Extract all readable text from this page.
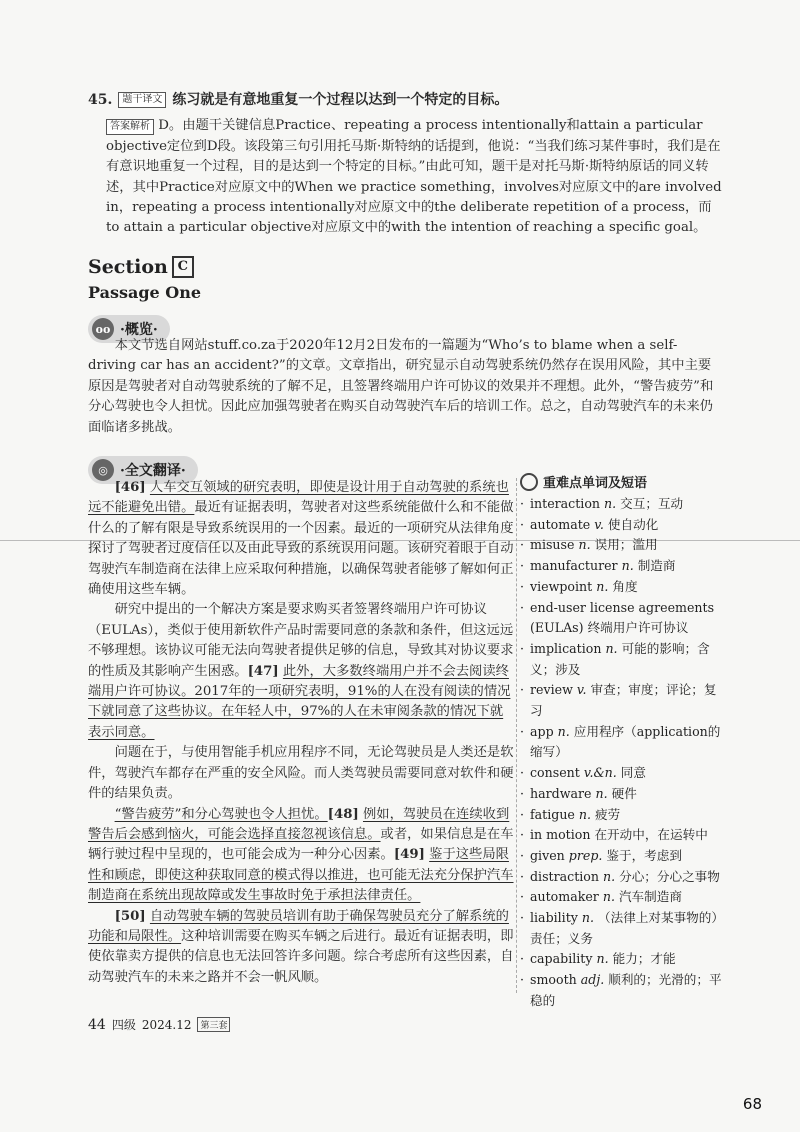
45.	题干译文 练习就是有意地重复一个过程以达到一个特定的目标。

答案解析 D。由题干关键信息Practice、repeating a process intentionally和attain a particular objective定位到D段。该段第三句引用托马斯·斯特纳的话提到，他说：“当我们练习某件事时，我们是在有意识地重复一个过程，目的是达到一个特定的目标。”由此可知，题干是对托马斯·斯特纳原话的同义转述，其中Practice对应原文中的When we practice something，involves对应原文中的are involved in，repeating a process intentionally对应原文中的the deliberate repetition of a process，而to attain a particular objective对应原文中的with the intention of reaching a specific goal。

Section C
Passage One
oo ·概览·

本文节选自网站stuff.co.za于2020年12月2日发布的一篇题为“Who’s to blame when a self-driving car has an accident?”的文章。文章指出，研究显示自动驾驶系统仍然存在误用风险，其中主要原因是驾驶者对自动驾驶系统的了解不足，且签署终端用户许可协议的效果并不理想。此外，“警告疲劳”和分心驾驶也令人担忧。因此应加强驾驶者在购买自动驾驶汽车后的培训工作。总之，自动驾驶汽车的未来仍面临诸多挑战。

◎ ·全文翻译·

[46] 人车交互领域的研究表明，即使是设计用于自动驾驶的系统也远不能避免出错。最近有证据表明，驾驶者对这些系统能做什么和不能做什么的了解有限是导致系统误用的一个因素。最近的一项研究从法律角度探讨了驾驶者过度信任以及由此导致的系统误用问题。该研究着眼于自动驾驶汽车制造商在法律上应采取何种措施，以确保驾驶者能够了解如何正确使用这些车辆。

研究中提出的一个解决方案是要求购买者签署终端用户许可协议（EULAs），类似于使用新软件产品时需要同意的条款和条件，但这远远不够理想。该协议可能无法向驾驶者提供足够的信息，导致其对协议要求的性质及其影响产生困惑。[47] 此外，大多数终端用户并不会去阅读终端用户许可协议。2017年的一项研究表明，91%的人在没有阅读的情况下就同意了这些协议。在年轻人中，97%的人在未审阅条款的情况下就表示同意。

问题在于，与使用智能手机应用程序不同，无论驾驶员是人类还是软件，驾驶汽车都存在严重的安全风险。而人类驾驶员需要同意对软件和硬件的结果负责。

“警告疲劳”和分心驾驶也令人担忧。[48] 例如，驾驶员在连续收到警告后会感到恼火，可能会选择直接忽视该信息。或者，如果信息是在车辆行驶过程中呈现的，也可能会成为一种分心因素。[49] 鉴于这些局限性和顾虑，即使这种获取同意的模式得以推进，也可能无法充分保护汽车制造商在系统出现故障或发生事故时免于承担法律责任。

[50] 自动驾驶车辆的驾驶员培训有助于确保驾驶员充分了解系统的功能和局限性。这种培训需要在购买车辆之后进行。最近有证据表明，即使依靠卖方提供的信息也无法回答许多问题。综合考虑所有这些因素，自动驾驶汽车的未来之路并不会一帆风顺。

重难点单词及短语
· interaction n. 交互；互动
· automate v. 使自动化
· misuse n. 误用；滥用
· manufacturer n. 制造商
· viewpoint n. 角度
· end-user license agreements (EULAs) 终端用户许可协议
· implication n. 可能的影响；含义；涉及
· review v. 审查；审度；评论；复习
· app n. 应用程序（application的缩写）
· consent v.&n. 同意
· hardware n. 硬件
· fatigue n. 疲劳
· in motion 在开动中，在运转中
· given prep. 鉴于，考虑到
· distraction n. 分心；分心之事物
· automaker n. 汽车制造商
· liability n. （法律上对某事物的）责任；义务
· capability n. 能力；才能
· smooth adj. 顺利的；光滑的；平稳的
44 四级 2024.12	第三套
68
